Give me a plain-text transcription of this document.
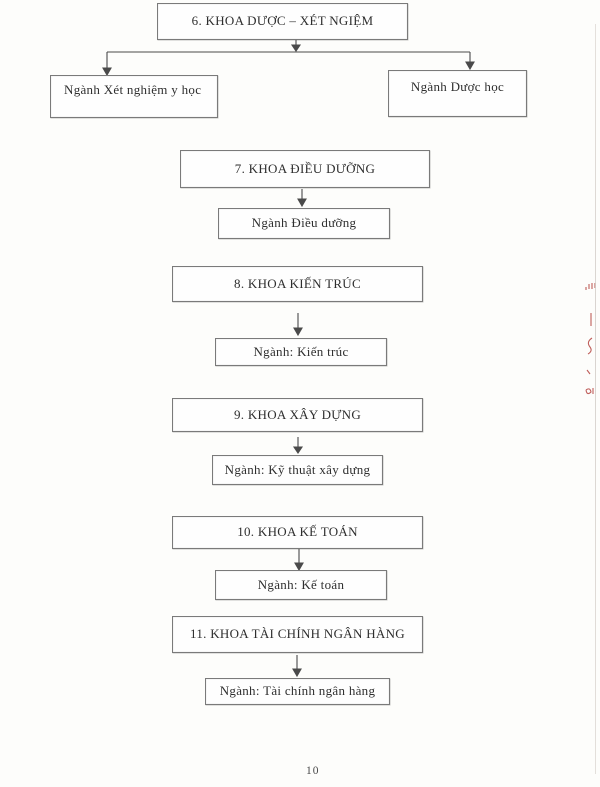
6. KHOA DƯỢC – XÉT NGIỆM
Ngành Xét nghiệm y học	Ngành Dược học
7. KHOA ĐIỀU DƯỠNG
Ngành Điều dưỡng
8. KHOA KIẾN TRÚC
Ngành: Kiến trúc
9. KHOA XÂY DỰNG
Ngành: Kỹ thuật xây dựng
10. KHOA KẾ TOÁN
Ngành: Kế toán
11. KHOA TÀI CHÍNH NGÂN HÀNG
Ngành: Tài chính ngân hàng
10
